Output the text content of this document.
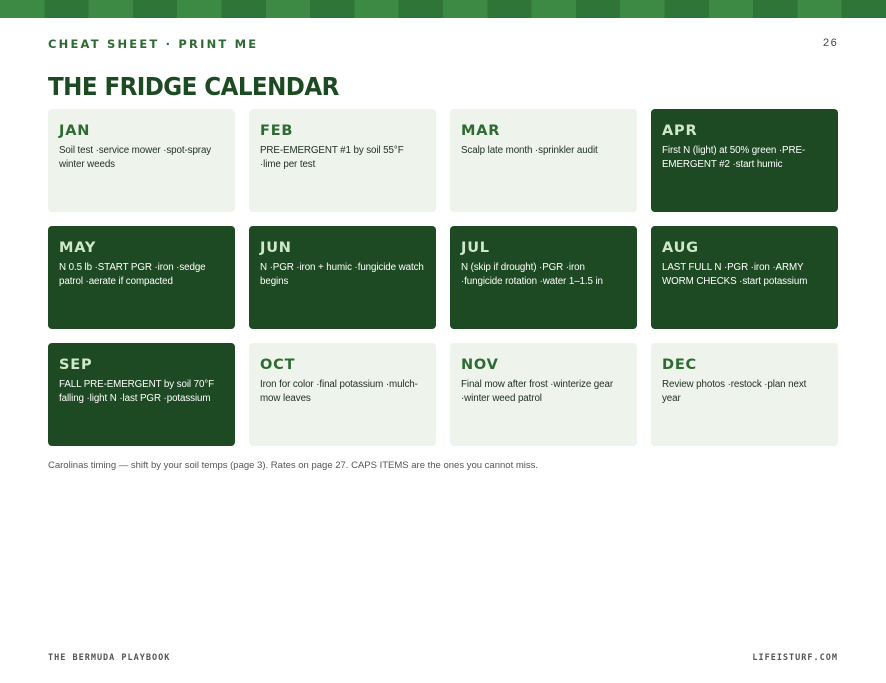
CHEAT SHEET · PRINT ME	26
THE FRIDGE CALENDAR
JAN
Soil test ·service mower ·spot-spray winter weeds
FEB
PRE-EMERGENT #1 by soil 55°F ·lime per test
MAR
Scalp late month ·sprinkler audit
APR
First N (light) at 50% green ·PRE-EMERGENT #2 ·start humic
MAY
N 0.5 lb ·START PGR ·iron ·sedge patrol ·aerate if compacted
JUN
N ·PGR ·iron + humic ·fungicide watch begins
JUL
N (skip if drought) ·PGR ·iron ·fungicide rotation ·water 1–1.5 in
AUG
LAST FULL N ·PGR ·iron ·ARMY WORM CHECKS ·start potassium
SEP
FALL PRE-EMERGENT by soil 70°F falling ·light N ·last PGR ·potassium
OCT
Iron for color ·final potassium ·mulch-mow leaves
NOV
Final mow after frost ·winterize gear ·winter weed patrol
DEC
Review photos ·restock ·plan next year
Carolinas timing — shift by your soil temps (page 3). Rates on page 27. CAPS ITEMS are the ones you cannot miss.
THE BERMUDA PLAYBOOK	LIFEISTURF.COM
